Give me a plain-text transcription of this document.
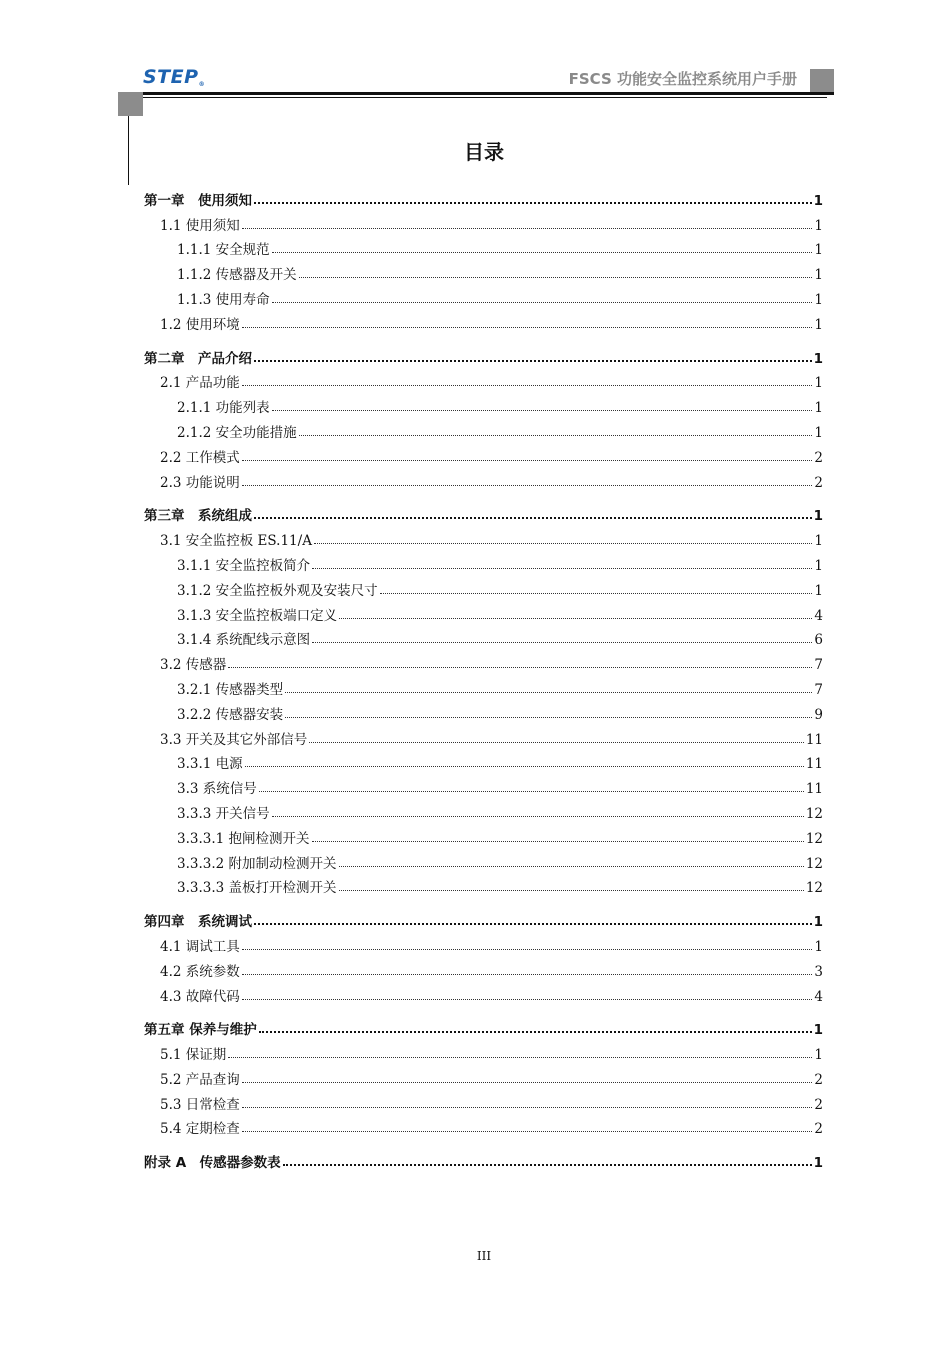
STEP®	FSCS 功能安全监控系统用户手册
目录
第一章　使用须知	1
1.1 使用须知	1
1.1.1 安全规范	1
1.1.2 传感器及开关	1
1.1.3 使用寿命	1
1.2 使用环境	1
第二章　产品介绍	1
2.1 产品功能	1
2.1.1 功能列表	1
2.1.2 安全功能措施	1
2.2 工作模式	2
2.3 功能说明	2
第三章　系统组成	1
3.1 安全监控板 ES.11/A	1
3.1.1 安全监控板简介	1
3.1.2 安全监控板外观及安装尺寸	1
3.1.3 安全监控板端口定义	4
3.1.4 系统配线示意图	6
3.2 传感器	7
3.2.1 传感器类型	7
3.2.2 传感器安装	9
3.3 开关及其它外部信号	11
3.3.1 电源	11
3.3 系统信号	11
3.3.3 开关信号	12
3.3.3.1 抱闸检测开关	12
3.3.3.2 附加制动检测开关	12
3.3.3.3 盖板打开检测开关	12
第四章　系统调试	1
4.1 调试工具	1
4.2 系统参数	3
4.3 故障代码	4
第五章 保养与维护	1
5.1 保证期	1
5.2 产品查询	2
5.3 日常检查	2
5.4 定期检查	2
附录 A　传感器参数表	1
III
